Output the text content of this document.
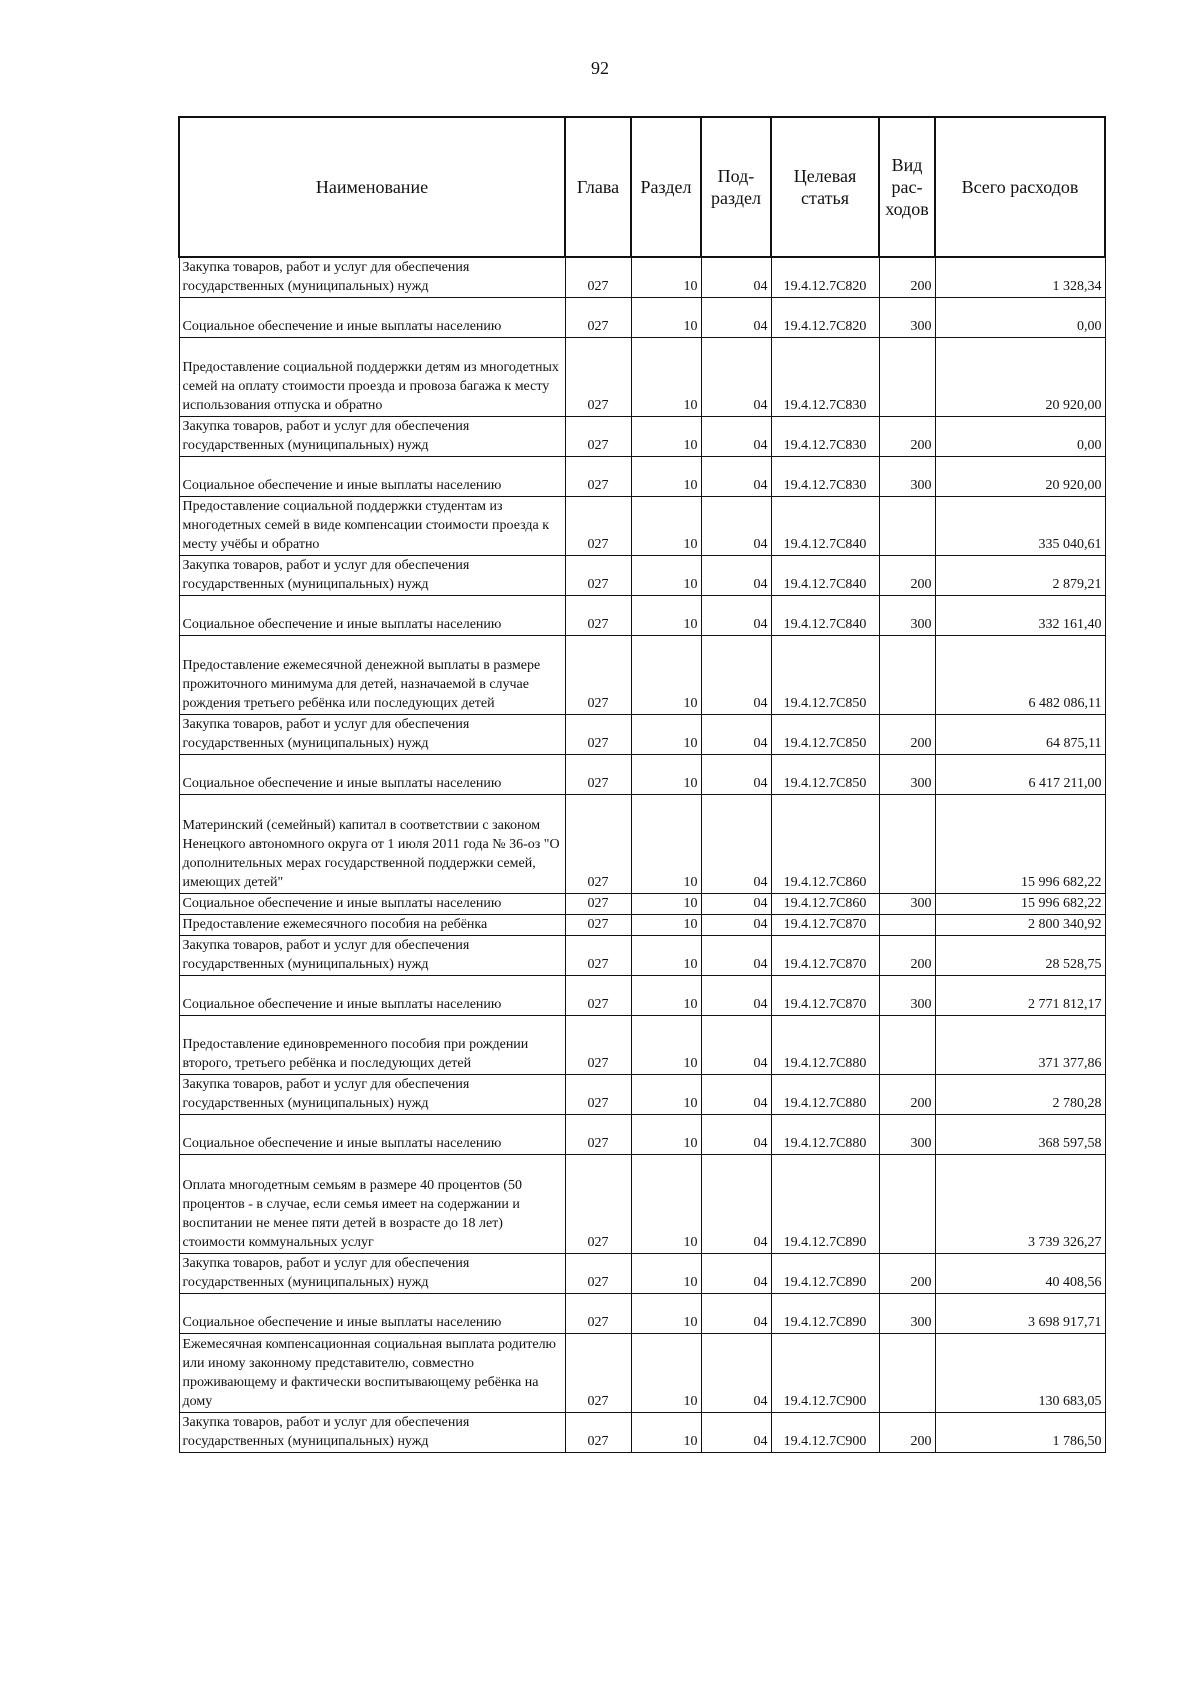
92
Наименование	Глава	Раздел	Под-раздел	Целевая статья	Вид рас-ходов	Всего расходов
Закупка товаров, работ и услуг для обеспечения государственных (муниципальных) нужд	027	10	04	19.4.12.7С820	200	1 328,34
Социальное обеспечение и иные выплаты населению	027	10	04	19.4.12.7С820	300	0,00
Предоставление социальной поддержки детям из многодетных семей на оплату стоимости проезда и провоза багажа к месту использования отпуска и обратно	027	10	04	19.4.12.7С830		20 920,00
Закупка товаров, работ и услуг для обеспечения государственных (муниципальных) нужд	027	10	04	19.4.12.7С830	200	0,00
Социальное обеспечение и иные выплаты населению	027	10	04	19.4.12.7С830	300	20 920,00
Предоставление социальной поддержки студентам из многодетных семей в виде компенсации стоимости проезда к месту учёбы и обратно	027	10	04	19.4.12.7С840		335 040,61
Закупка товаров, работ и услуг для обеспечения государственных (муниципальных) нужд	027	10	04	19.4.12.7С840	200	2 879,21
Социальное обеспечение и иные выплаты населению	027	10	04	19.4.12.7С840	300	332 161,40
Предоставление ежемесячной денежной выплаты в размере прожиточного минимума для детей, назначаемой в случае рождения третьего ребёнка или последующих детей	027	10	04	19.4.12.7С850		6 482 086,11
Закупка товаров, работ и услуг для обеспечения государственных (муниципальных) нужд	027	10	04	19.4.12.7С850	200	64 875,11
Социальное обеспечение и иные выплаты населению	027	10	04	19.4.12.7С850	300	6 417 211,00
Материнский (семейный) капитал в соответствии с законом Ненецкого автономного округа от 1 июля 2011 года № 36-оз "О дополнительных мерах государственной поддержки семей, имеющих детей"	027	10	04	19.4.12.7С860		15 996 682,22
Социальное обеспечение и иные выплаты населению	027	10	04	19.4.12.7С860	300	15 996 682,22
Предоставление ежемесячного пособия на ребёнка	027	10	04	19.4.12.7С870		2 800 340,92
Закупка товаров, работ и услуг для обеспечения государственных (муниципальных) нужд	027	10	04	19.4.12.7С870	200	28 528,75
Социальное обеспечение и иные выплаты населению	027	10	04	19.4.12.7С870	300	2 771 812,17
Предоставление единовременного пособия при рождении второго, третьего ребёнка и последующих детей	027	10	04	19.4.12.7С880		371 377,86
Закупка товаров, работ и услуг для обеспечения государственных (муниципальных) нужд	027	10	04	19.4.12.7С880	200	2 780,28
Социальное обеспечение и иные выплаты населению	027	10	04	19.4.12.7С880	300	368 597,58
Оплата многодетным семьям в размере 40 процентов (50 процентов - в случае, если семья имеет на содержании и воспитании не менее пяти детей в возрасте до 18 лет) стоимости коммунальных услуг	027	10	04	19.4.12.7С890		3 739 326,27
Закупка товаров, работ и услуг для обеспечения государственных (муниципальных) нужд	027	10	04	19.4.12.7С890	200	40 408,56
Социальное обеспечение и иные выплаты населению	027	10	04	19.4.12.7С890	300	3 698 917,71
Ежемесячная компенсационная социальная выплата родителю или иному законному представителю, совместно проживающему и фактически воспитывающему ребёнка на дому	027	10	04	19.4.12.7С900		130 683,05
Закупка товаров, работ и услуг для обеспечения государственных (муниципальных) нужд	027	10	04	19.4.12.7С900	200	1 786,50
